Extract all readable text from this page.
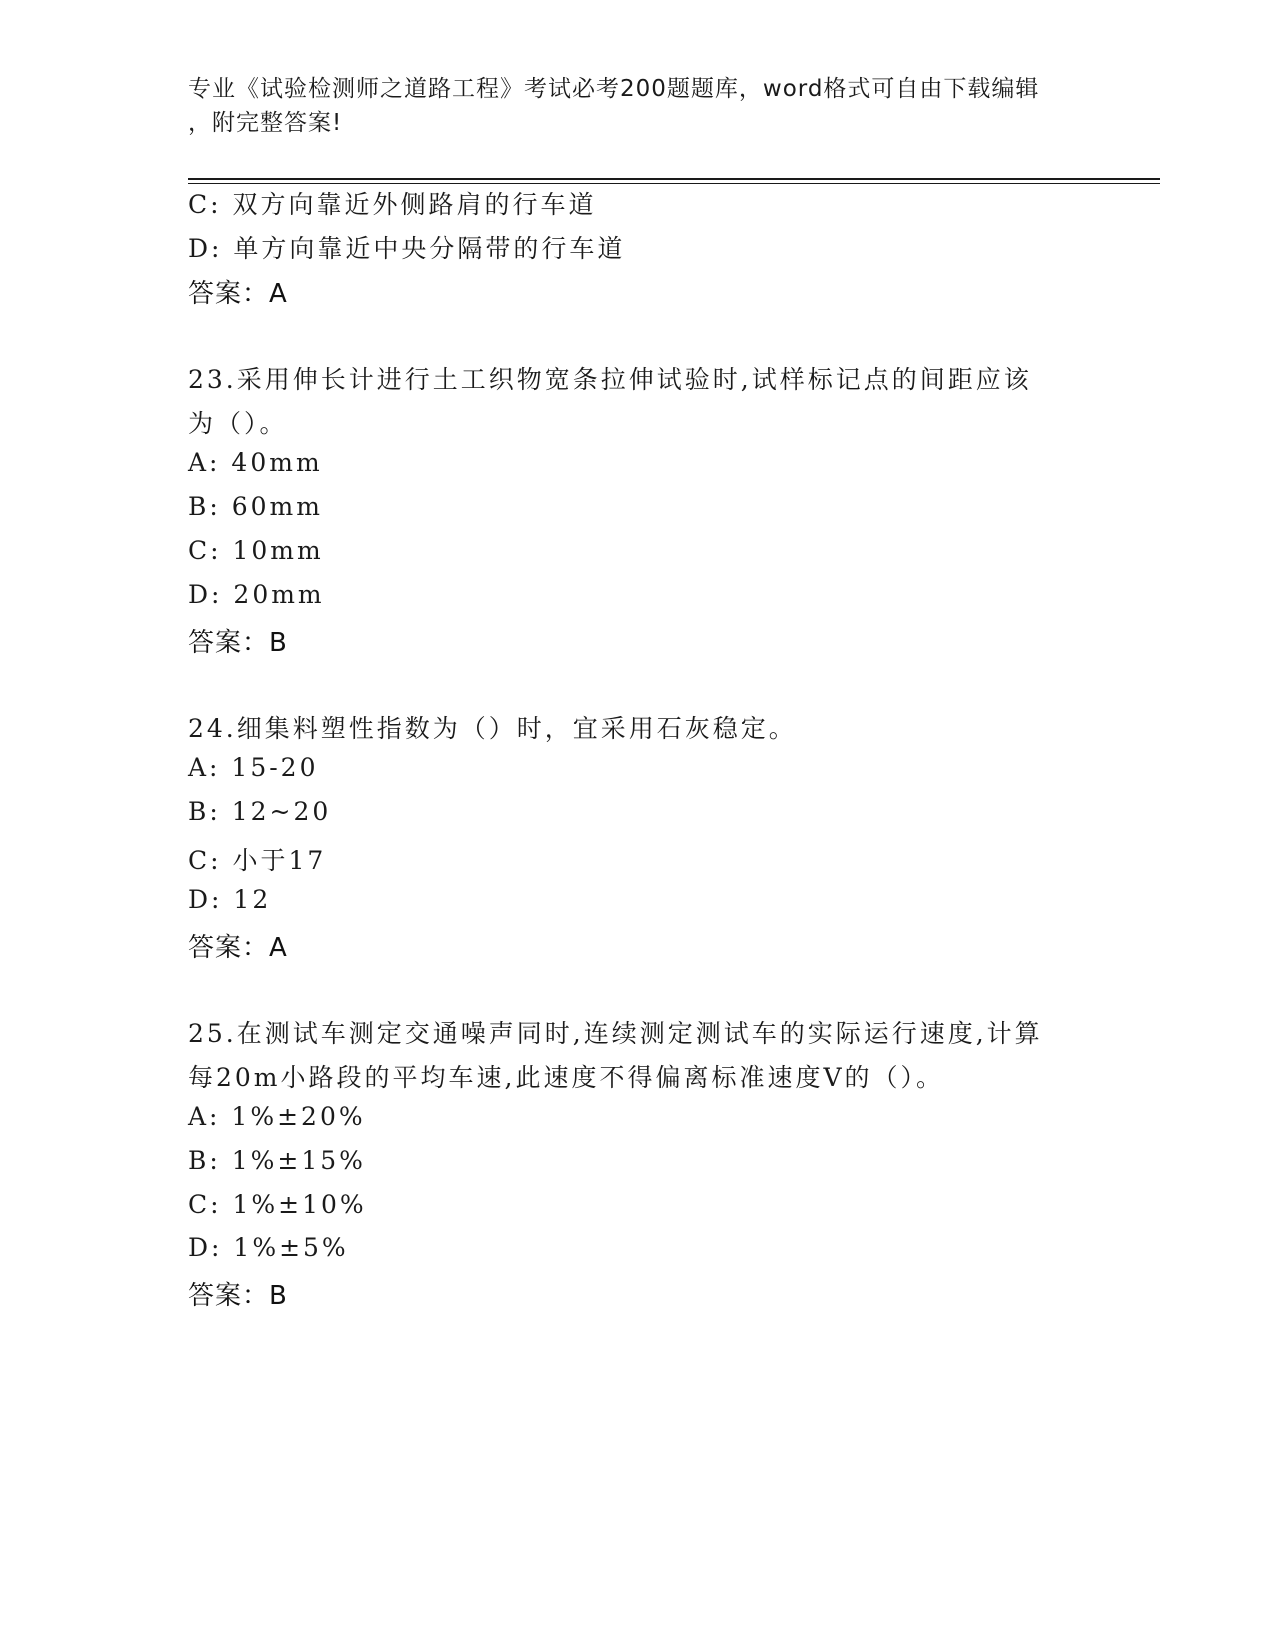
专业《试验检测师之道路工程》考试必考200题题库，word格式可自由下载编辑
，附完整答案!
C: 双方向靠近外侧路肩的行车道
D: 单方向靠近中央分隔带的行车道
答案：A
23.采用伸长计进行土工织物宽条拉伸试验时,试样标记点的间距应该
为（）。
A: 40mm
B: 60mm
C: 10mm
D: 20mm
答案：B
24.细集料塑性指数为（）时，宜采用石灰稳定。
A: 15-20
B: 12~20
C: 小于17
D: 12
答案：A
25.在测试车测定交通噪声同时,连续测定测试车的实际运行速度,计算
每20m小路段的平均车速,此速度不得偏离标准速度V的（）。
A: 1%±20%
B: 1%±15%
C: 1%±10%
D: 1%±5%
答案：B
